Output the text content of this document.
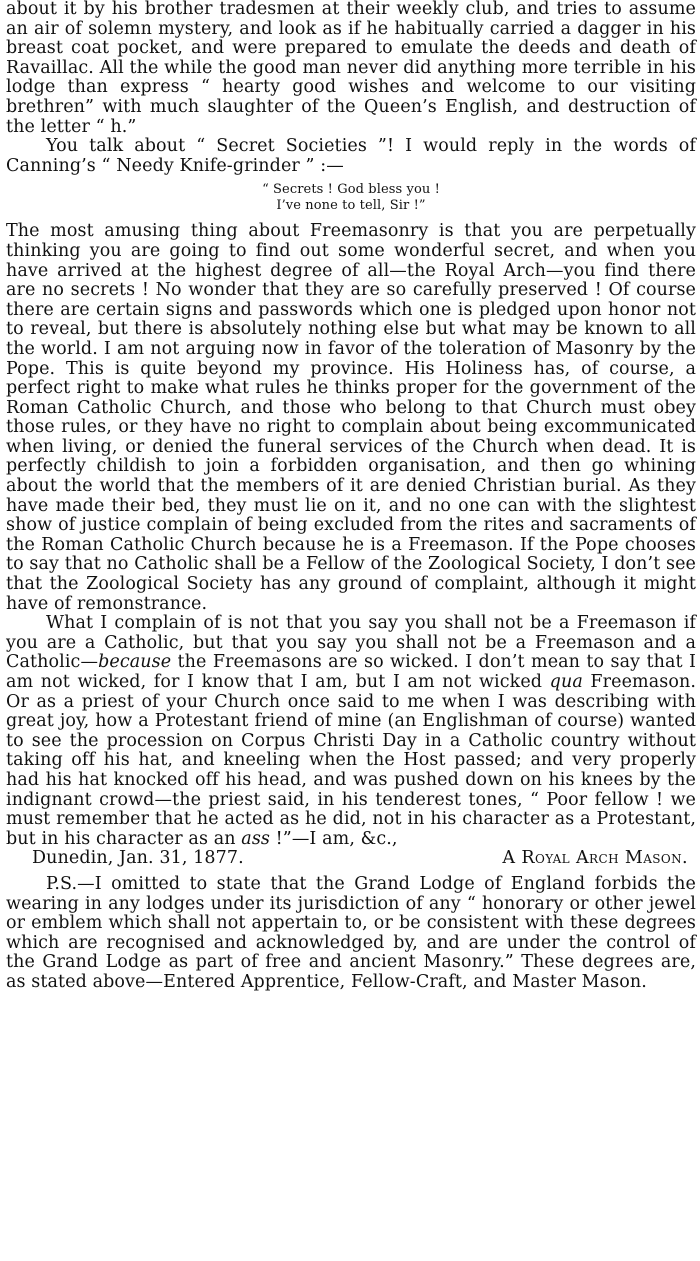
about it by his brother tradesmen at their weekly club, and tries to assume an air of solemn mystery, and look as if he habitually carried a dagger in his breast coat pocket, and were prepared to emulate the deeds and death of Ravaillac. All the while the good man never did anything more terrible in his lodge than express “ hearty good wishes and welcome to our visiting brethren” with much slaughter of the Queen’s English, and destruction of the letter “ h.”

You talk about “ Secret Societies ”! I would reply in the words of Canning’s “ Needy Knife-grinder ” :—

“ Secrets ! God bless you !
I’ve none to tell, Sir !”

The most amusing thing about Freemasonry is that you are perpetually thinking you are going to find out some wonderful secret, and when you have arrived at the highest degree of all—the Royal Arch—you find there are no secrets ! No wonder that they are so carefully preserved ! Of course there are certain signs and passwords which one is pledged upon honor not to reveal, but there is absolutely nothing else but what may be known to all the world. I am not arguing now in favor of the toleration of Masonry by the Pope. This is quite beyond my province. His Holiness has, of course, a perfect right to make what rules he thinks proper for the government of the Roman Catholic Church, and those who belong to that Church must obey those rules, or they have no right to complain about being excommunicated when living, or denied the funeral services of the Church when dead. It is perfectly childish to join a forbidden organisation, and then go whining about the world that the members of it are denied Christian burial. As they have made their bed, they must lie on it, and no one can with the slightest show of justice complain of being excluded from the rites and sacraments of the Roman Catholic Church because he is a Freemason. If the Pope chooses to say that no Catholic shall be a Fellow of the Zoological Society, I don’t see that the Zoological Society has any ground of complaint, although it might have of remonstrance.

What I complain of is not that you say you shall not be a Freemason if you are a Catholic, but that you say you shall not be a Freemason and a Catholic—because the Freemasons are so wicked. I don’t mean to say that I am not wicked, for I know that I am, but I am not wicked qua Freemason. Or as a priest of your Church once said to me when I was describing with great joy, how a Protestant friend of mine (an Englishman of course) wanted to see the procession on Corpus Christi Day in a Catholic country without taking off his hat, and kneeling when the Host passed; and very properly had his hat knocked off his head, and was pushed down on his knees by the indignant crowd—the priest said, in his tenderest tones, “ Poor fellow ! we must remember that he acted as he did, not in his character as a Protestant, but in his character as an ass !”—I am, &c.,

Dunedin, Jan. 31, 1877.	A Royal Arch Mason.

P.S.—I omitted to state that the Grand Lodge of England forbids the wearing in any lodges under its jurisdiction of any “ honorary or other jewel or emblem which shall not appertain to, or be consistent with these degrees which are recognised and acknowledged by, and are under the control of the Grand Lodge as part of free and ancient Masonry.” These degrees are, as stated above—Entered Apprentice, Fellow-Craft, and Master Mason.
